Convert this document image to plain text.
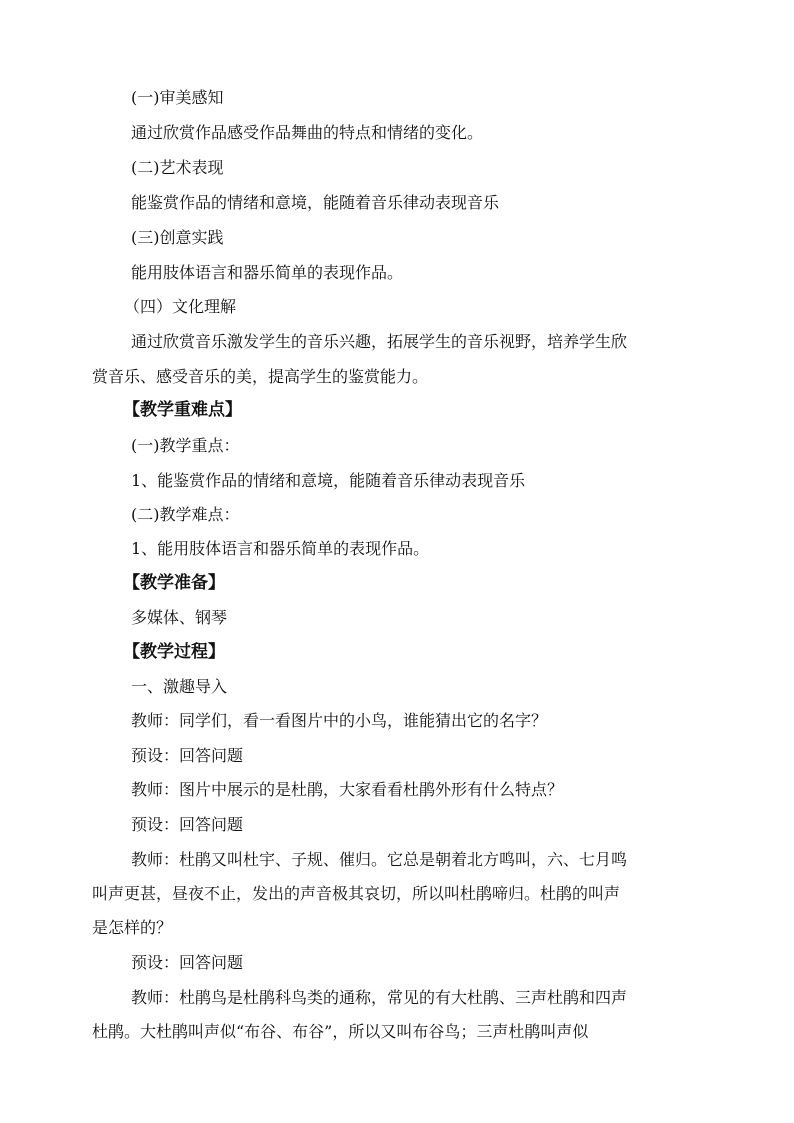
(一)审美感知
通过欣赏作品感受作品舞曲的特点和情绪的变化。
(二)艺术表现
能鉴赏作品的情绪和意境，能随着音乐律动表现音乐
(三)创意实践
能用肢体语言和器乐简单的表现作品。
（四）文化理解
通过欣赏音乐激发学生的音乐兴趣，拓展学生的音乐视野，培养学生欣
赏音乐、感受音乐的美，提高学生的鉴赏能力。
【教学重难点】
(一)教学重点：
1、能鉴赏作品的情绪和意境，能随着音乐律动表现音乐
(二)教学难点：
1、能用肢体语言和器乐简单的表现作品。
【教学准备】
多媒体、钢琴
【教学过程】
一、激趣导入
教师：同学们，看一看图片中的小鸟，谁能猜出它的名字？
预设：回答问题
教师：图片中展示的是杜鹃，大家看看杜鹃外形有什么特点？
预设：回答问题
教师：杜鹃又叫杜宇、子规、催归。它总是朝着北方鸣叫，六、七月鸣
叫声更甚，昼夜不止，发出的声音极其哀切，所以叫杜鹃啼归。杜鹃的叫声
是怎样的？
预设：回答问题
教师：杜鹃鸟是杜鹃科鸟类的通称，常见的有大杜鹃、三声杜鹃和四声
杜鹃。大杜鹃叫声似“布谷、布谷”，所以又叫布谷鸟；三声杜鹃叫声似
